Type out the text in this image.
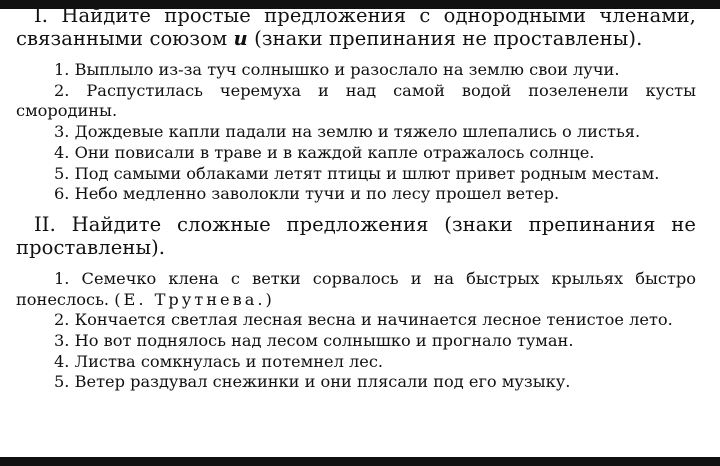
I. Найдите простые предложения с однородными членами, связанными союзом и (знаки препинания не проставлены).

1. Выплыло из-за туч солнышко и разослало на землю свои лучи.
2. Распустилась черемуха и над самой водой позеленели кусты смородины.
3. Дождевые капли падали на землю и тяжело шлепались о листья.
4. Они повисали в траве и в каждой капле отражалось солнце.
5. Под самыми облаками летят птицы и шлют привет родным местам.
6. Небо медленно заволокли тучи и по лесу прошел ветер.

II. Найдите сложные предложения (знаки препинания не проставлены).

1. Семечко клена с ветки сорвалось и на быстрых крыльях быстро понеслось. (Е. Трутнева.)
2. Кончается светлая лесная весна и начинается лесное тенистое лето.
3. Но вот поднялось над лесом солнышко и прогнало туман.
4. Листва сомкнулась и потемнел лес.
5. Ветер раздувал снежинки и они плясали под его музыку.
